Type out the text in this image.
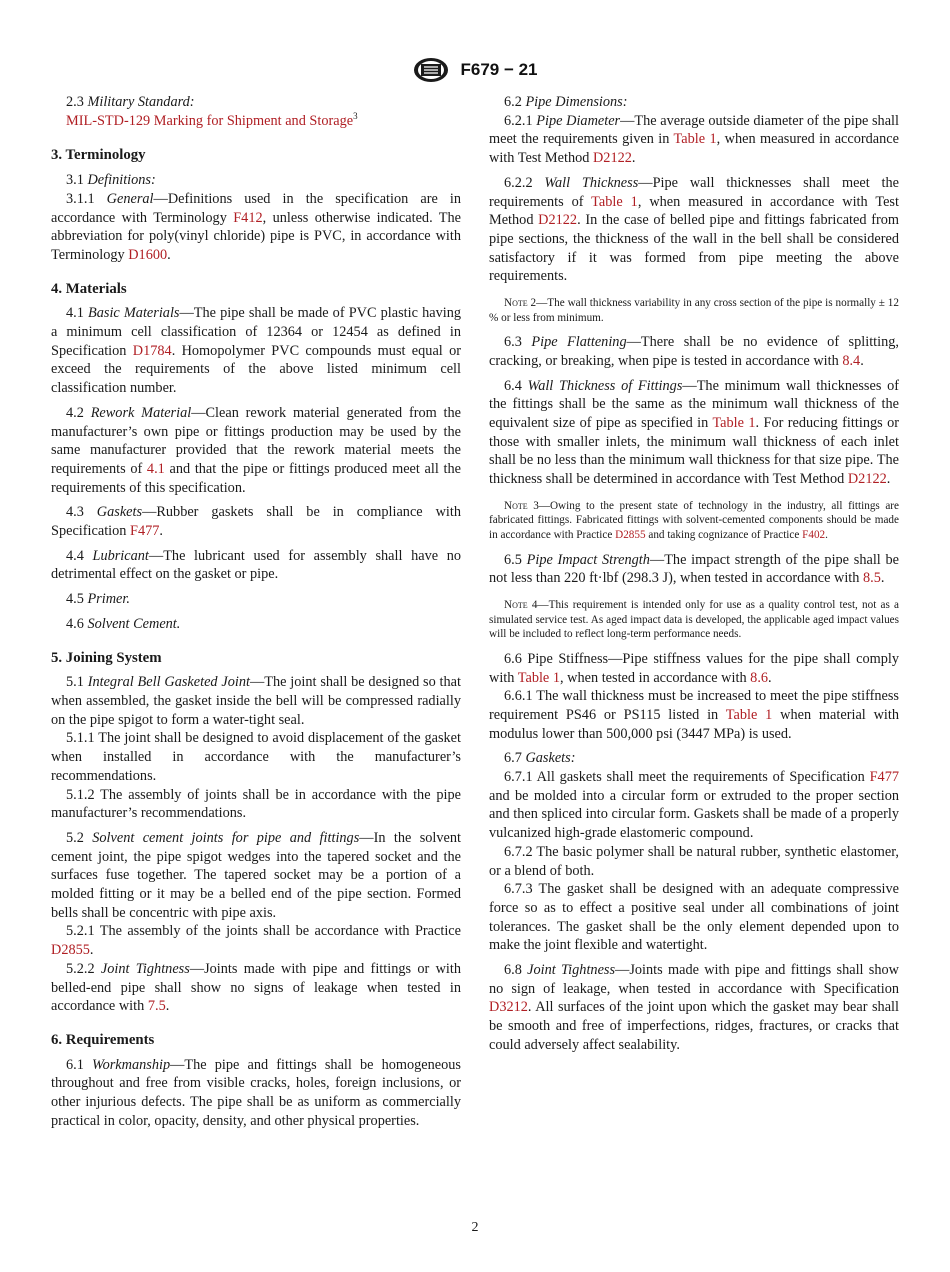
F679 − 21

2.3 Military Standard:

MIL-STD-129 Marking for Shipment and Storage$^3$

3. Terminology

3.1 Definitions:

3.1.1 General—Definitions used in the specification are in accordance with Terminology F412, unless otherwise indicated. The abbreviation for poly(vinyl chloride) pipe is PVC, in accordance with Terminology D1600.

4. Materials

4.1 Basic Materials—The pipe shall be made of PVC plastic having a minimum cell classification of 12364 or 12454 as defined in Specification D1784. Homopolymer PVC compounds must equal or exceed the requirements of the above listed minimum cell classification number.

4.2 Rework Material—Clean rework material generated from the manufacturer’s own pipe or fittings production may be used by the same manufacturer provided that the rework material meets the requirements of 4.1 and that the pipe or fittings produced meet all the requirements of this specification.

4.3 Gaskets—Rubber gaskets shall be in compliance with Specification F477.

4.4 Lubricant—The lubricant used for assembly shall have no detrimental effect on the gasket or pipe.

4.5 Primer.

4.6 Solvent Cement.

5. Joining System

5.1 Integral Bell Gasketed Joint—The joint shall be designed so that when assembled, the gasket inside the bell will be compressed radially on the pipe spigot to form a water-tight seal.

5.1.1 The joint shall be designed to avoid displacement of the gasket when installed in accordance with the manufacturer’s recommendations.

5.1.2 The assembly of joints shall be in accordance with the pipe manufacturer’s recommendations.

5.2 Solvent cement joints for pipe and fittings—In the solvent cement joint, the pipe spigot wedges into the tapered socket and the surfaces fuse together. The tapered socket may be a portion of a molded fitting or it may be a belled end of the pipe section. Formed bells shall be concentric with pipe axis.

5.2.1 The assembly of the joints shall be accordance with Practice D2855.

5.2.2 Joint Tightness—Joints made with pipe and fittings or with belled-end pipe shall show no signs of leakage when tested in accordance with 7.5.

6. Requirements

6.1 Workmanship—The pipe and fittings shall be homogeneous throughout and free from visible cracks, holes, foreign inclusions, or other injurious defects. The pipe shall be as uniform as commercially practical in color, opacity, density, and other physical properties.

6.2 Pipe Dimensions:

6.2.1 Pipe Diameter—The average outside diameter of the pipe shall meet the requirements given in Table 1, when measured in accordance with Test Method D2122.

6.2.2 Wall Thickness—Pipe wall thicknesses shall meet the requirements of Table 1, when measured in accordance with Test Method D2122. In the case of belled pipe and fittings fabricated from pipe sections, the thickness of the wall in the bell shall be considered satisfactory if it was formed from pipe meeting the above requirements.

Note 2—The wall thickness variability in any cross section of the pipe is normally ± 12 % or less from minimum.

6.3 Pipe Flattening—There shall be no evidence of splitting, cracking, or breaking, when pipe is tested in accordance with 8.4.

6.4 Wall Thickness of Fittings—The minimum wall thicknesses of the fittings shall be the same as the minimum wall thickness of the equivalent size of pipe as specified in Table 1. For reducing fittings or those with smaller inlets, the minimum wall thickness of each inlet shall be no less than the minimum wall thickness for that size pipe. The thickness shall be determined in accordance with Test Method D2122.

Note 3—Owing to the present state of technology in the industry, all fittings are fabricated fittings. Fabricated fittings with solvent-cemented components should be made in accordance with Practice D2855 and taking cognizance of Practice F402.

6.5 Pipe Impact Strength—The impact strength of the pipe shall be not less than 220 ft·lbf (298.3 J), when tested in accordance with 8.5.

Note 4—This requirement is intended only for use as a quality control test, not as a simulated service test. As aged impact data is developed, the applicable aged impact values will be included to reflect long-term performance needs.

6.6 Pipe Stiffness—Pipe stiffness values for the pipe shall comply with Table 1, when tested in accordance with 8.6.

6.6.1 The wall thickness must be increased to meet the pipe stiffness requirement PS46 or PS115 listed in Table 1 when material with modulus lower than 500,000 psi (3447 MPa) is used.

6.7 Gaskets:

6.7.1 All gaskets shall meet the requirements of Specification F477 and be molded into a circular form or extruded to the proper section and then spliced into circular form. Gaskets shall be made of a properly vulcanized high-grade elastomeric compound.

6.7.2 The basic polymer shall be natural rubber, synthetic elastomer, or a blend of both.

6.7.3 The gasket shall be designed with an adequate compressive force so as to effect a positive seal under all combinations of joint tolerances. The gasket shall be the only element depended upon to make the joint flexible and watertight.

6.8 Joint Tightness—Joints made with pipe and fittings shall show no sign of leakage, when tested in accordance with Specification D3212. All surfaces of the joint upon which the gasket may bear shall be smooth and free of imperfections, ridges, fractures, or cracks that could adversely affect sealability.

2
